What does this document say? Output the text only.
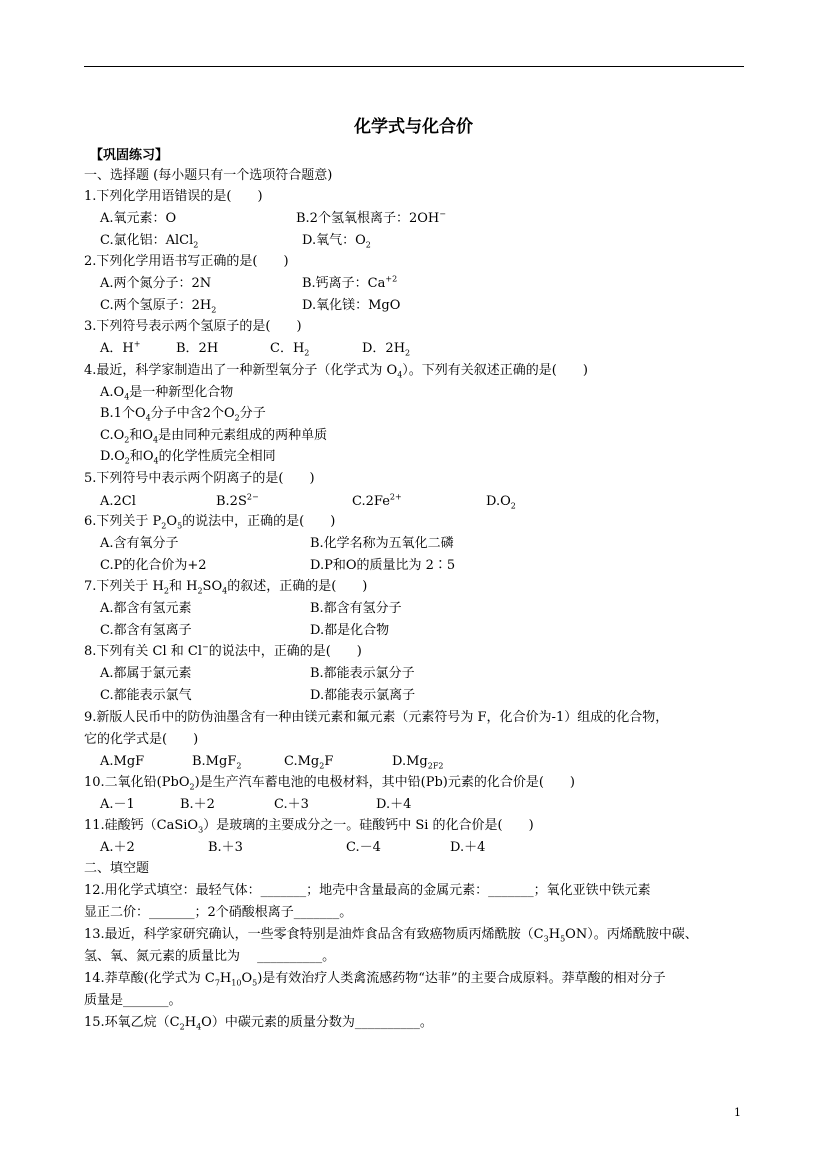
化学式与化合价
【巩固练习】
一、选择题 (每小题只有一个选项符合题意)
1.下列化学用语错误的是(　　)
A.氧元素：O	B.2个氢氧根离子：2OH−
C.氯化铝：AlCl$_2$	D.氧气：$O_2$
2.下列化学用语书写正确的是(　　)
A.两个氮分子：2N	B.钙离子：$Ca^{+2}$
C.两个氢原子：$2H_2$	D.氧化镁：MgO
3.下列符号表示两个氢原子的是(　　)
A．H+	B．2H	C．$H_2$	D．$2H_2$
4.最近，科学家制造出了一种新型氧分子（化学式为 $O_4$）。下列有关叙述正确的是(　　)
$A.O_4$是一种新型化合物
B.1个$O_4$分子中含2个$O_2$分子
$C.O_2$和$O_4$是由同种元素组成的两种单质
$D.O_2$和$O_4$的化学性质完全相同
5.下列符号中表示两个阴离子的是(　　)
A.2Cl	$B.2S^{2-}$	$C.2Fe^{2+}$	$D.O_2$
6.下列关于 $P_2O_5$的说法中，正确的是(　　)
A.含有氧分子	B.化学名称为五氧化二磷
C.P的化合价为+2	D.P和O的质量比为 2∶5
7.下列关于 $H_2$和 $H_2SO_4$的叙述，正确的是(　　)
A.都含有氢元素	B.都含有氢分子
C.都含有氢离子	D.都是化合物
8.下列有关 Cl 和 Cl−的说法中，正确的是(　　)
A.都属于氯元素	B.都能表示氯分子
C.都能表示氯气	D.都能表示氯离子
9.新版人民币中的防伪油墨含有一种由镁元素和氟元素（元素符号为 F，化合价为-1）组成的化合物，
它的化学式是(　　)
A.MgF	B.MgF$_2$	$C.Mg_2F$	$D.Mg_{2F2}$
10.二氧化铅(PbO$_2$)是生产汽车蓄电池的电极材料，其中铅(Pb)元素的化合价是(　　)
A.－1	B.＋2	C.＋3	D.＋4
11.硅酸钙（CaSiO$_3$）是玻璃的主要成分之一。硅酸钙中 Si 的化合价是(　　)
A.＋2	B.＋3	C.－4	D.＋4
二、填空题
12.用化学式填空：最轻气体：_______；地壳中含量最高的金属元素：_______；氧化亚铁中铁元素
显正二价：_______；2个硝酸根离子_______。
13.最近，科学家研究确认，一些零食特别是油炸食品含有致癌物质丙烯酰胺$(C_3H_5ON)$。丙烯酰胺中碳、
氢、氧、氮元素的质量比为　 __________。
14.莽草酸(化学式为 $C_7H_{10}O_5$)是有效治疗人类禽流感药物“达菲”的主要合成原料。莽草酸的相对分子
质量是_______。
15.环氧乙烷$(C_2H_4O)$中碳元素的质量分数为__________。
1
